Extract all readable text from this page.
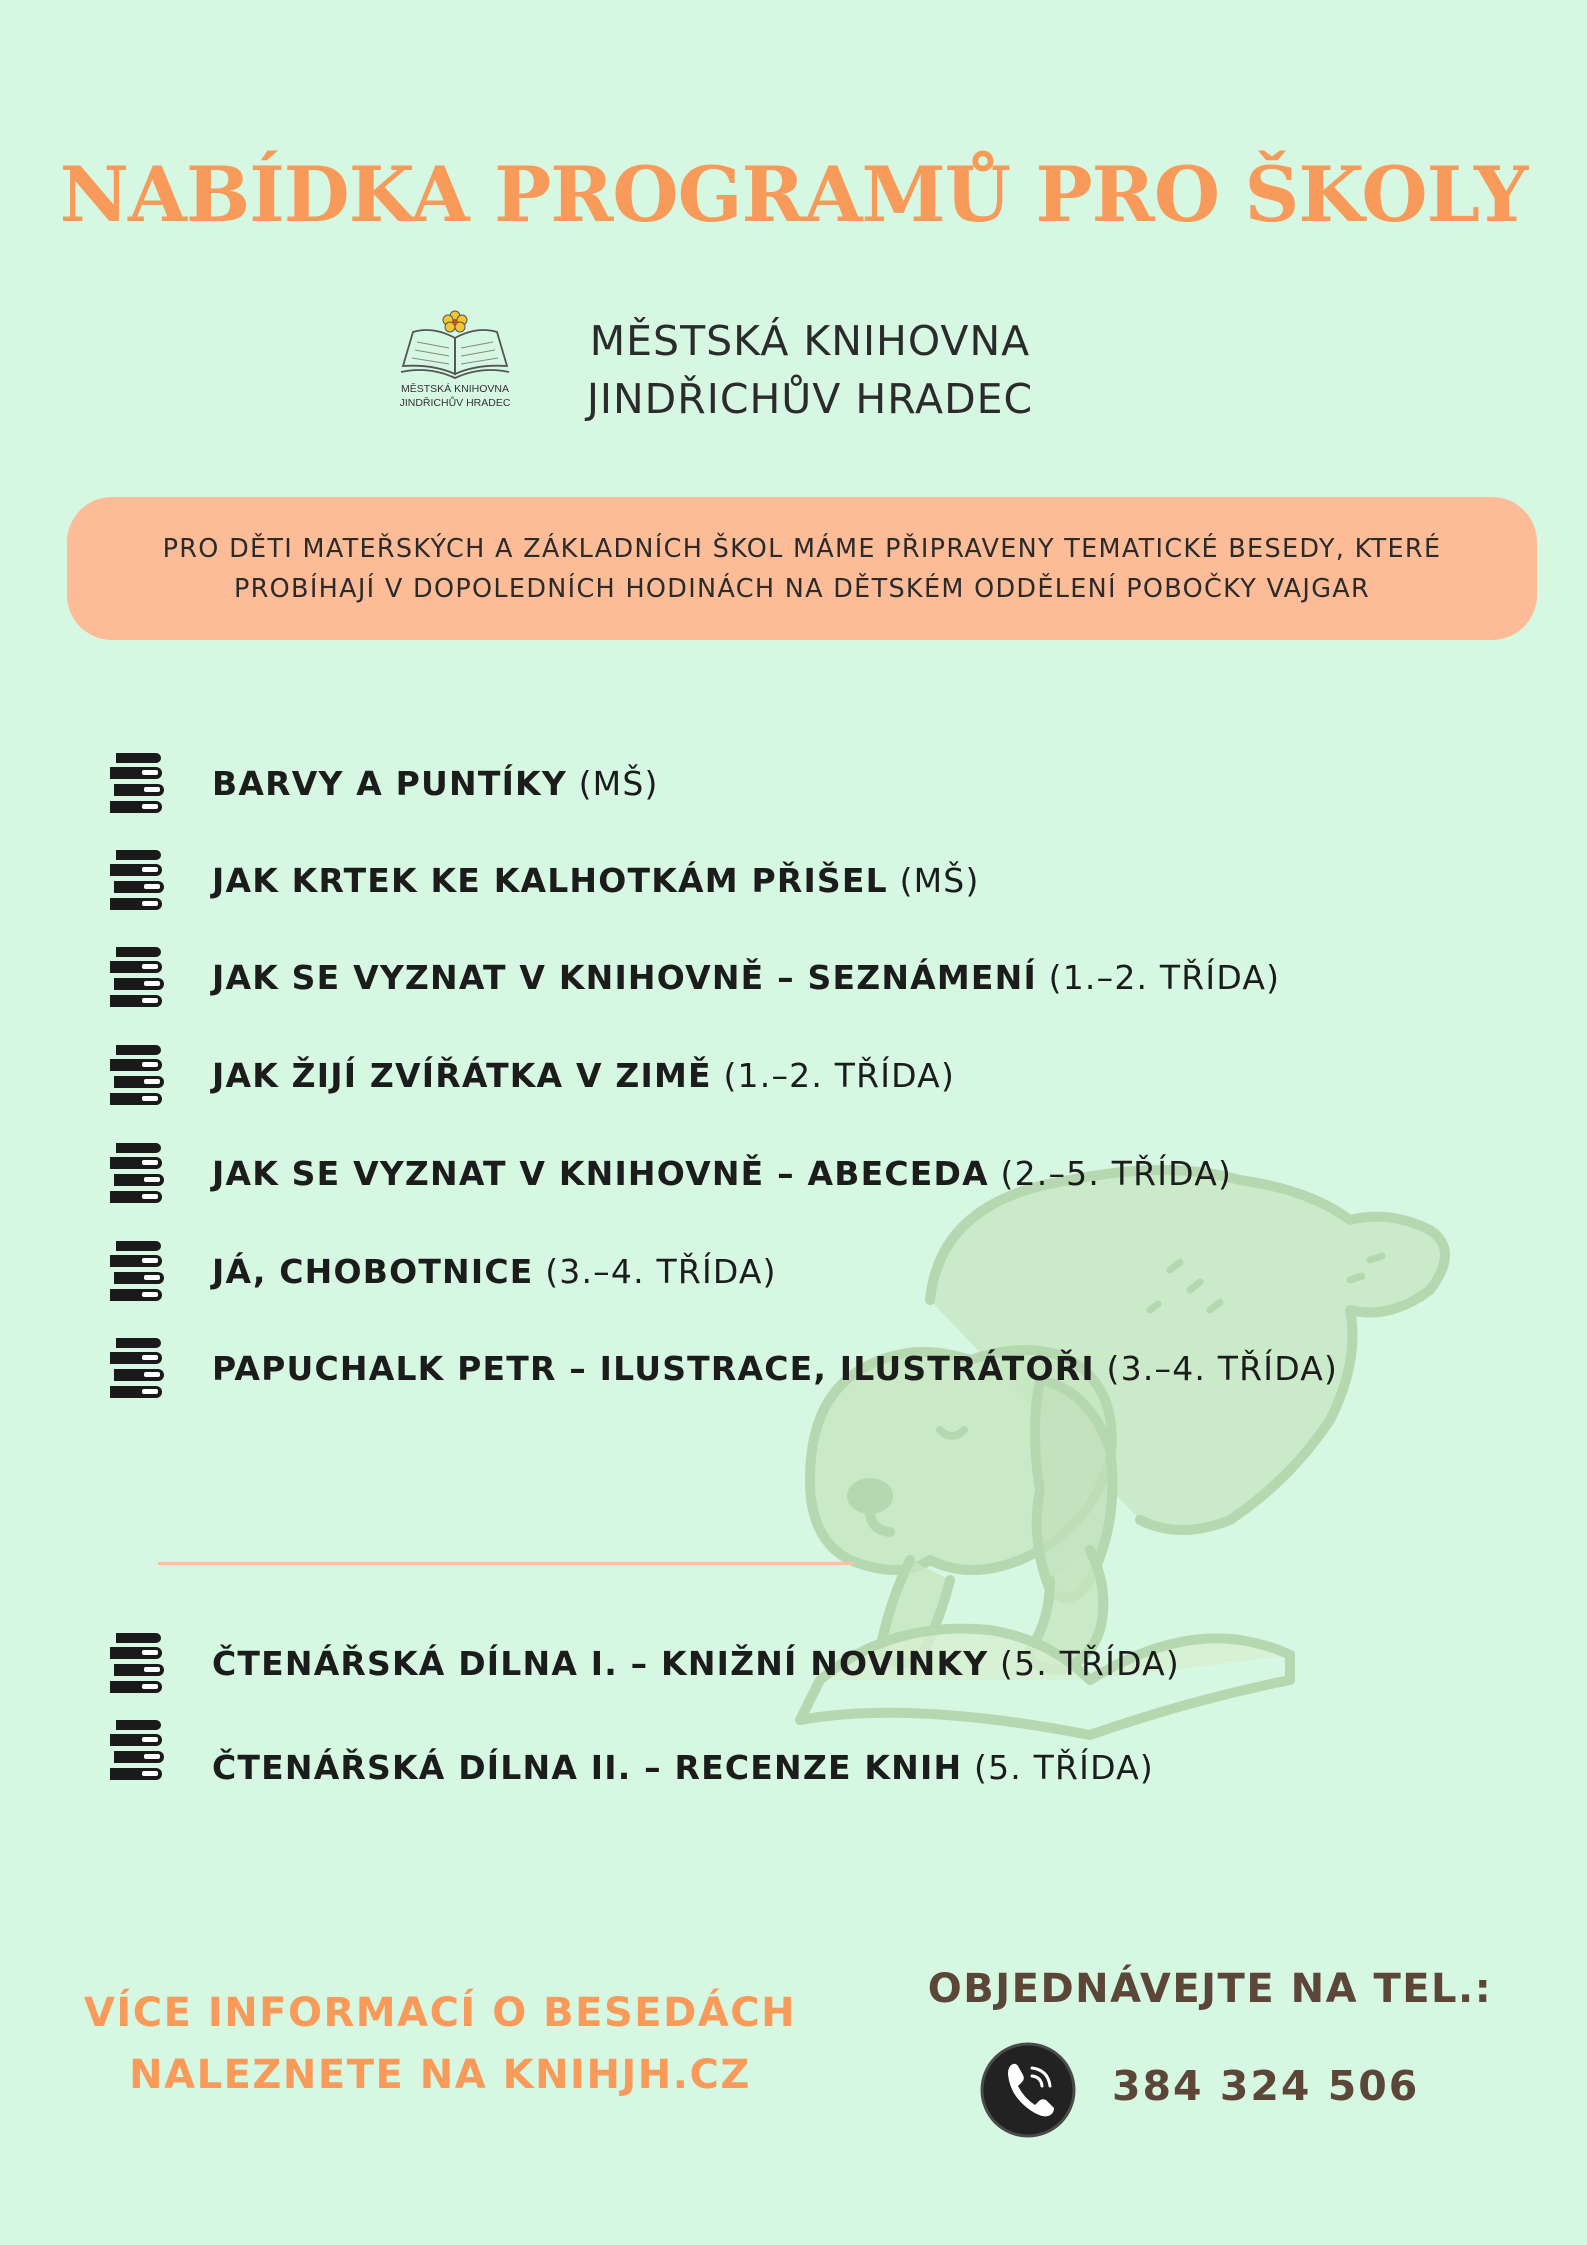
NABÍDKA PROGRAMŮ PRO ŠKOLY
MĚSTSKÁ KNIHOVNA
JINDŘICHŮV HRADEC
MĚSTSKÁ KNIHOVNA
JINDŘICHŮV HRADEC

PRO DĚTI MATEŘSKÝCH A ZÁKLADNÍCH ŠKOL MÁME PŘIPRAVENY TEMATICKÉ BESEDY, KTERÉ
PROBÍHAJÍ V DOPOLEDNÍCH HODINÁCH NA DĚTSKÉM ODDĚLENÍ POBOČKY VAJGAR

BARVY A PUNTÍKY (MŠ)
JAK KRTEK KE KALHOTKÁM PŘIŠEL (MŠ)
JAK SE VYZNAT V KNIHOVNĚ – SEZNÁMENÍ (1.–2. TŘÍDA)
JAK ŽIJÍ ZVÍŘÁTKA V ZIMĚ (1.–2. TŘÍDA)
JAK SE VYZNAT V KNIHOVNĚ – ABECEDA (2.–5. TŘÍDA)
JÁ, CHOBOTNICE (3.–4. TŘÍDA)
PAPUCHALK PETR – ILUSTRACE, ILUSTRÁTOŘI (3.–4. TŘÍDA)
ČTENÁŘSKÁ DÍLNA I. – KNIŽNÍ NOVINKY (5. TŘÍDA)
ČTENÁŘSKÁ DÍLNA II. – RECENZE KNIH (5. TŘÍDA)
VÍCE INFORMACÍ O BESEDÁCH
NALEZNETE NA KNIHJH.CZ
OBJEDNÁVEJTE NA TEL.:
384 324 506
